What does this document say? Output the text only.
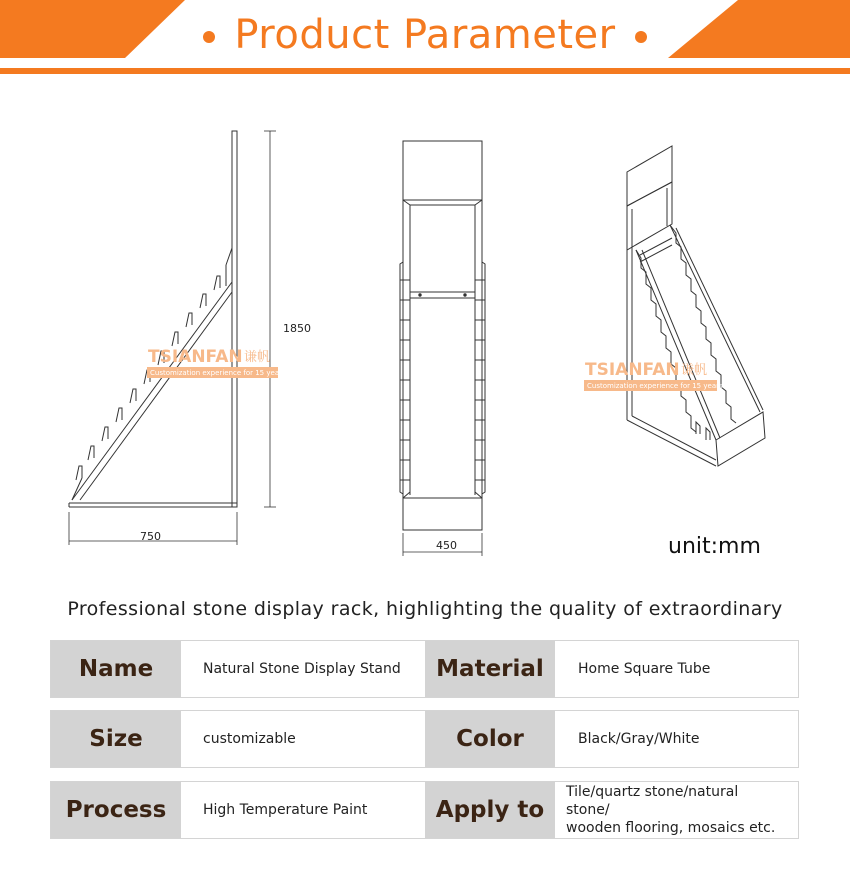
Product Parameter
1850
750
TSIANFAN 谦帆
Customization experience for 15 years
450
TSIANFAN 谦帆
Customization experience for 15 years
unit:mm
Professional stone display rack, highlighting the quality of extraordinary
Name	Natural Stone Display Stand	Material	Home Square Tube
Size	customizable	Color	Black/Gray/White
Process	High Temperature Paint	Apply to
Tile/quartz stone/natural stone/
wooden flooring, mosaics etc.
